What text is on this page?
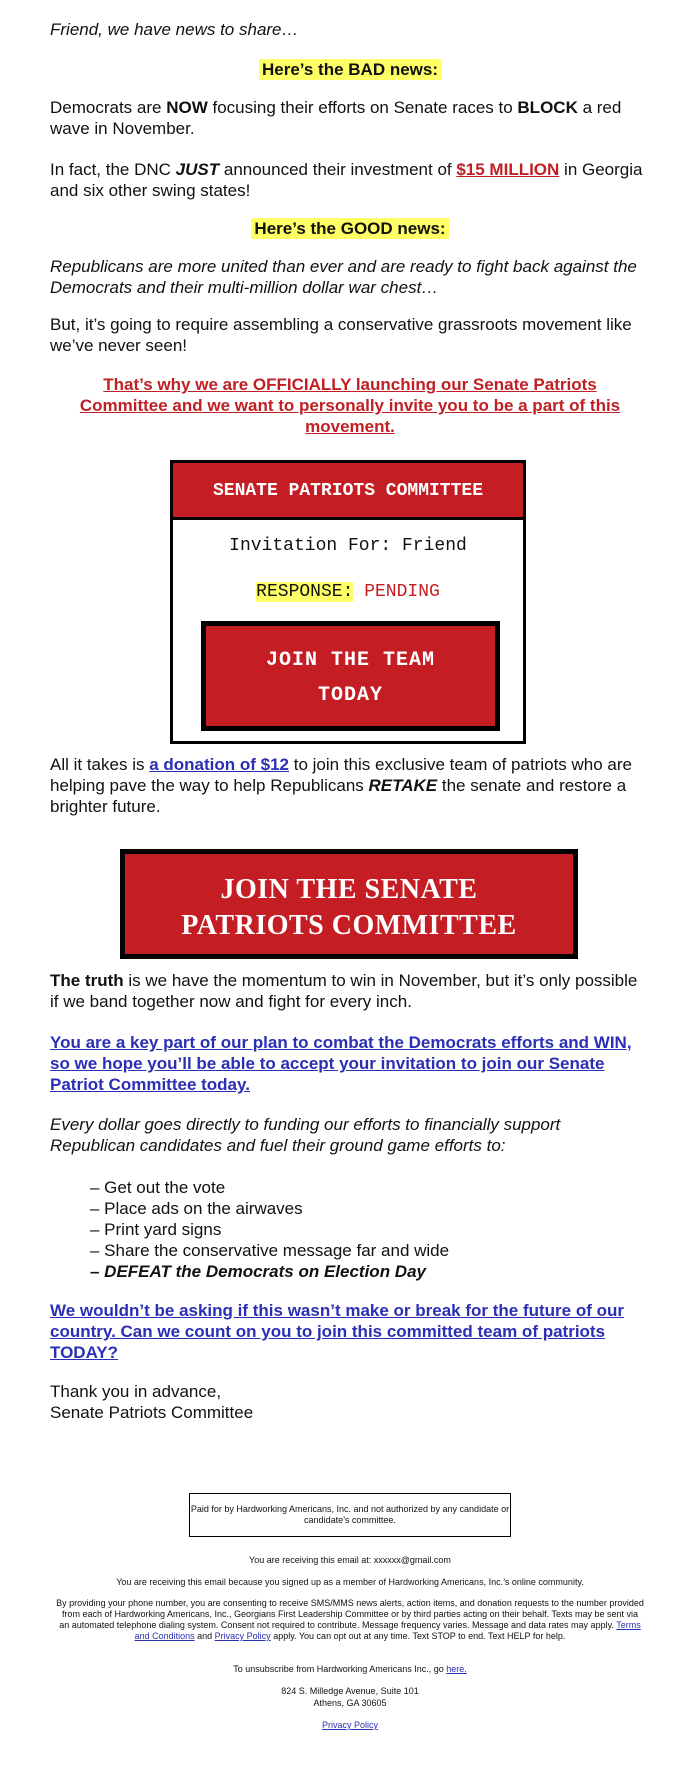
Friend, we have news to share…

Here’s the BAD news:

Democrats are NOW focusing their efforts on Senate races to BLOCK a red wave in November.

In fact, the DNC JUST announced their investment of $15 MILLION in Georgia and six other swing states!

Here’s the GOOD news:

Republicans are more united than ever and are ready to fight back against the Democrats and their multi-million dollar war chest…

But, it’s going to require assembling a conservative grassroots movement like we’ve never seen!

That’s why we are OFFICIALLY launching our Senate Patriots Committee and we want to personally invite you to be a part of this movement.

SENATE PATRIOTS COMMITTEE
Invitation For: Friend
RESPONSE: PENDING
JOIN THE TEAM
TODAY

All it takes is a donation of $12 to join this exclusive team of patriots who are helping pave the way to help Republicans RETAKE the senate and restore a brighter future.

JOIN THE SENATE
PATRIOTS COMMITTEE

The truth is we have the momentum to win in November, but it’s only possible if we band together now and fight for every inch.

You are a key part of our plan to combat the Democrats efforts and WIN, so we hope you’ll be able to accept your invitation to join our Senate Patriot Committee today.

Every dollar goes directly to funding our efforts to financially support Republican candidates and fuel their ground game efforts to:

– Get out the vote
– Place ads on the airwaves
– Print yard signs
– Share the conservative message far and wide
– DEFEAT the Democrats on Election Day

We wouldn’t be asking if this wasn’t make or break for the future of our country. Can we count on you to join this committed team of patriots TODAY?

Thank you in advance,

Senate Patriots Committee

Paid for by Hardworking Americans, Inc. and not authorized by any candidate or candidate’s committee.
You are receiving this email at: xxxxxx@gmail.com
You are receiving this email because you signed up as a member of Hardworking Americans, Inc.’s online community.
By providing your phone number, you are consenting to receive SMS/MMS news alerts, action items, and donation requests to the number provided from each of Hardworking Americans, Inc., Georgians First Leadership Committee or by third parties acting on their behalf. Texts may be sent via an automated telephone dialing system. Consent not required to contribute. Message frequency varies. Message and data rates may apply. Terms and Conditions and Privacy Policy apply. You can opt out at any time. Text STOP to end. Text HELP for help.
To unsubscribe from Hardworking Americans Inc., go here.
824 S. Milledge Avenue, Suite 101
Athens, GA 30605
Privacy Policy
